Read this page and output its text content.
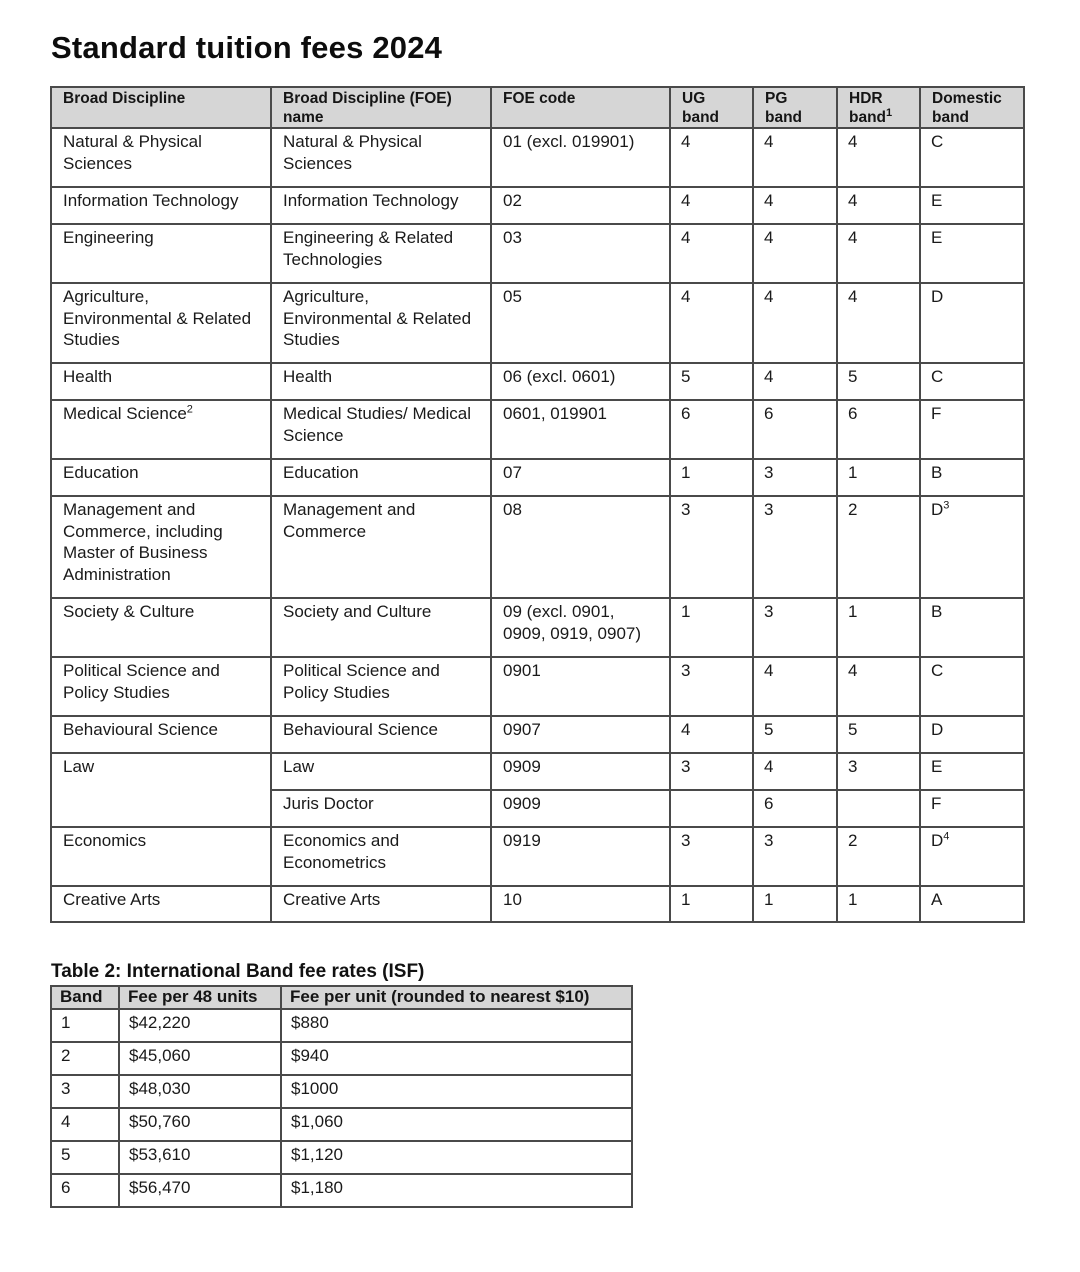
Standard tuition fees 2024
Broad Discipline	Broad Discipline (FOE) name	FOE code	UG band	PG band	HDR band$^1$	Domestic band
Natural & Physical Sciences	Natural & Physical Sciences	01 (excl. 019901)	4	4	4	C
Information Technology	Information Technology	02	4	4	4	E
Engineering	Engineering & Related Technologies	03	4	4	4	E
Agriculture, Environmental & Related Studies	Agriculture, Environmental & Related Studies	05	4	4	4	D
Health	Health	06 (excl. 0601)	5	4	5	C
Medical Science$^2$	Medical Studies/ Medical Science	0601, 019901	6	6	6	F
Education	Education	07	1	3	1	B
Management and Commerce, including Master of Business Administration	Management and Commerce	08	3	3	2	$D^3$
Society & Culture	Society and Culture	09 (excl. 0901, 0909, 0919, 0907)	1	3	1	B
Political Science and Policy Studies	Political Science and Policy Studies	0901	3	4	4	C
Behavioural Science	Behavioural Science	0907	4	5	5	D
Law	Law	0909	3	4	3	E
	Juris Doctor	0909		6		F
Economics	Economics and Econometrics	0919	3	3	2	$D^4$
Creative Arts	Creative Arts	10	1	1	1	A
Table 2: International Band fee rates (ISF)
Band	Fee per 48 units	Fee per unit (rounded to nearest $10)
1	$42,220	$880
2	$45,060	$940
3	$48,030	$1000
4	$50,760	$1,060
5	$53,610	$1,120
6	$56,470	$1,180
